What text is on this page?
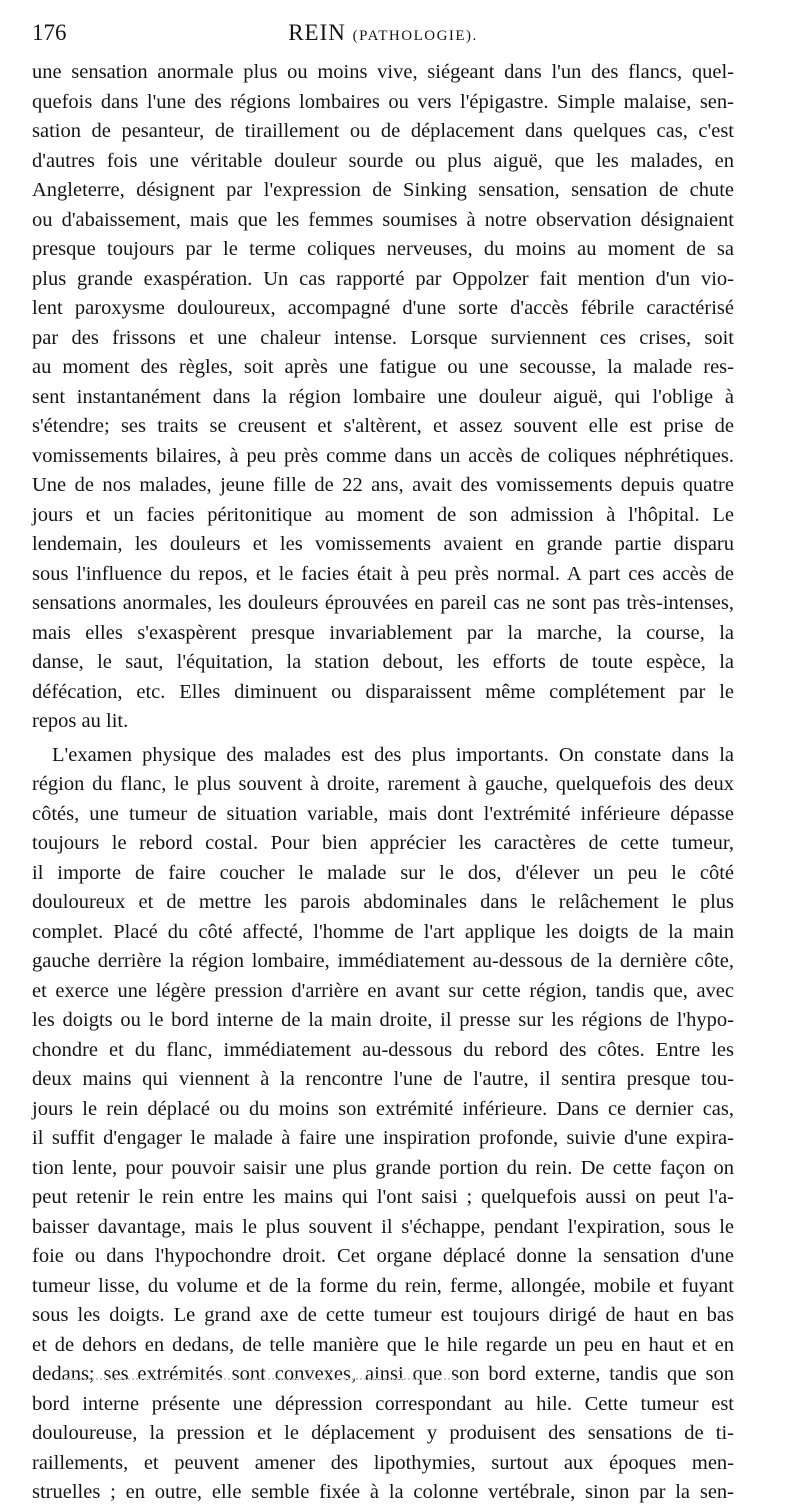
176	REIN (PATHOLOGIE).
une sensation anormale plus ou moins vive, siégeant dans l'un des flancs, quel-
quefois dans l'une des régions lombaires ou vers l'épigastre. Simple malaise, sen-
sation de pesanteur, de tiraillement ou de déplacement dans quelques cas, c'est
d'autres fois une véritable douleur sourde ou plus aiguë, que les malades, en
Angleterre, désignent par l'expression de Sinking sensation, sensation de chute
ou d'abaissement, mais que les femmes soumises à notre observation désignaient
presque toujours par le terme coliques nerveuses, du moins au moment de sa
plus grande exaspération. Un cas rapporté par Oppolzer fait mention d'un vio-
lent paroxysme douloureux, accompagné d'une sorte d'accès fébrile caractérisé
par des frissons et une chaleur intense. Lorsque surviennent ces crises, soit
au moment des règles, soit après une fatigue ou une secousse, la malade res-
sent instantanément dans la région lombaire une douleur aiguë, qui l'oblige à
s'étendre; ses traits se creusent et s'altèrent, et assez souvent elle est prise de
vomissements bilaires, à peu près comme dans un accès de coliques néphrétiques.
Une de nos malades, jeune fille de 22 ans, avait des vomissements depuis quatre
jours et un facies péritonitique au moment de son admission à l'hôpital. Le
lendemain, les douleurs et les vomissements avaient en grande partie disparu
sous l'influence du repos, et le facies était à peu près normal. A part ces accès de
sensations anormales, les douleurs éprouvées en pareil cas ne sont pas très-intenses,
mais elles s'exaspèrent presque invariablement par la marche, la course, la
danse, le saut, l'équitation, la station debout, les efforts de toute espèce, la
défécation, etc. Elles diminuent ou disparaissent même complétement par le
repos au lit.
L'examen physique des malades est des plus importants. On constate dans la
région du flanc, le plus souvent à droite, rarement à gauche, quelquefois des deux
côtés, une tumeur de situation variable, mais dont l'extrémité inférieure dépasse
toujours le rebord costal. Pour bien apprécier les caractères de cette tumeur,
il importe de faire coucher le malade sur le dos, d'élever un peu le côté
douloureux et de mettre les parois abdominales dans le relâchement le plus
complet. Placé du côté affecté, l'homme de l'art applique les doigts de la main
gauche derrière la région lombaire, immédiatement au-dessous de la dernière côte,
et exerce une légère pression d'arrière en avant sur cette région, tandis que, avec
les doigts ou le bord interne de la main droite, il presse sur les régions de l'hypo-
chondre et du flanc, immédiatement au-dessous du rebord des côtes. Entre les
deux mains qui viennent à la rencontre l'une de l'autre, il sentira presque tou-
jours le rein déplacé ou du moins son extrémité inférieure. Dans ce dernier cas,
il suffit d'engager le malade à faire une inspiration profonde, suivie d'une expira-
tion lente, pour pouvoir saisir une plus grande portion du rein. De cette façon on
peut retenir le rein entre les mains qui l'ont saisi ; quelquefois aussi on peut l'a-
baisser davantage, mais le plus souvent il s'échappe, pendant l'expiration, sous le
foie ou dans l'hypochondre droit. Cet organe déplacé donne la sensation d'une
tumeur lisse, du volume et de la forme du rein, ferme, allongée, mobile et fuyant
sous les doigts. Le grand axe de cette tumeur est toujours dirigé de haut en bas
et de dehors en dedans, de telle manière que le hile regarde un peu en haut et en
dedans; ses extrémités sont convexes, ainsi que son bord externe, tandis que son
bord interne présente une dépression correspondant au hile. Cette tumeur est
douloureuse, la pression et le déplacement y produisent des sensations de ti-
raillements, et peuvent amener des lipothymies, surtout aux époques men-
struelles ; en outre, elle semble fixée à la colonne vertébrale, sinon par la sen-
